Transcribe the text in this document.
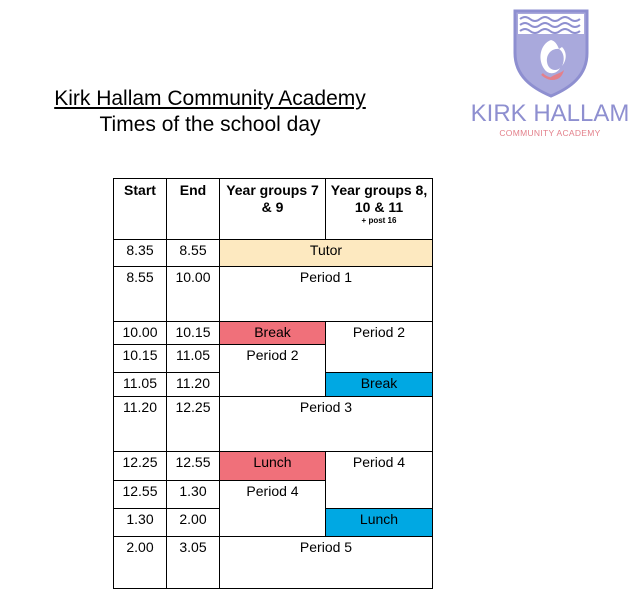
Kirk Hallam Community Academy
Times of the school day	KIRK HALLAM
COMMUNITY ACADEMY
Start	End	Year groups 7 & 9	Year groups 8, 10 & 11
+ post 16

8.35	8.55	Tutor	
8.55	10.00	Period 1	
10.00	10.15	Break	Period 2
10.15	11.05	Period 2	
11.05	11.20		Break
11.20	12.25	Period 3	
12.25	12.55	Lunch	Period 4
12.55	1.30	Period 4	
1.30	2.00		Lunch
2.00	3.05	Period 5	
